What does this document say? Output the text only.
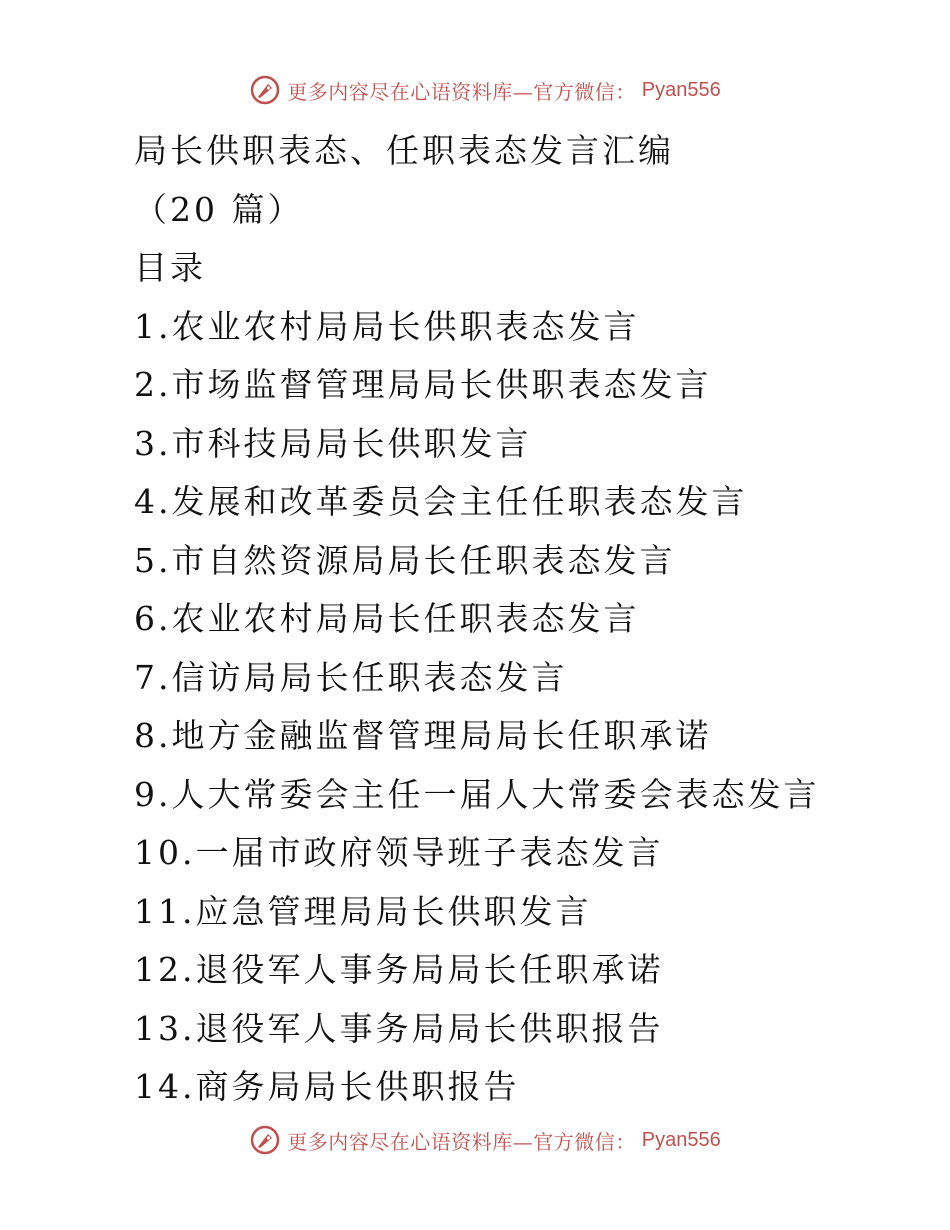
更多内容尽在心语资料库—官方微信： Pyan556
局长供职表态、任职表态发言汇编
（20 篇）
目录
1.农业农村局局长供职表态发言
2.市场监督管理局局长供职表态发言
3.市科技局局长供职发言
4.发展和改革委员会主任任职表态发言
5.市自然资源局局长任职表态发言
6.农业农村局局长任职表态发言
7.信访局局长任职表态发言
8.地方金融监督管理局局长任职承诺
9.人大常委会主任一届人大常委会表态发言
10.一届市政府领导班子表态发言
11.应急管理局局长供职发言
12.退役军人事务局局长任职承诺
13.退役军人事务局局长供职报告
14.商务局局长供职报告
更多内容尽在心语资料库—官方微信： Pyan556
